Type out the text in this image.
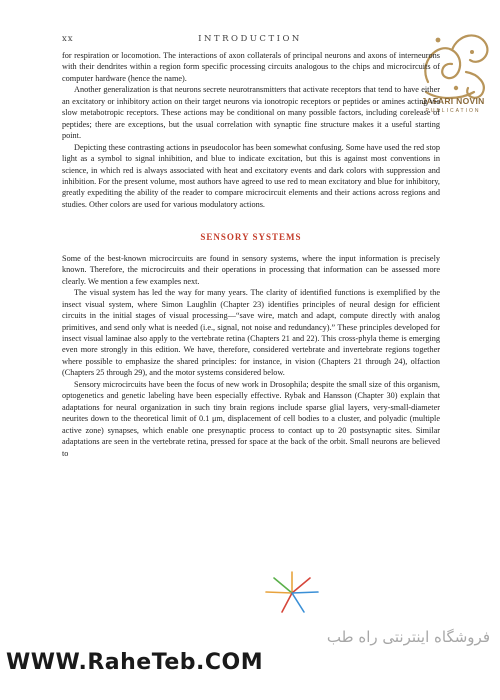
xx	INTRODUCTION
JAFARI NOVIN
PUBLICATION

for respiration or locomotion. The interactions of axon collaterals of principal neurons and axons of interneurons with their dendrites within a region form specific processing circuits analogous to the chips and microcircuits of computer hardware (hence the name).

Another generalization is that neurons secrete neurotransmitters that activate receptors that tend to have either an excitatory or inhibitory action on their target neurons via ionotropic receptors or peptides or amines acting via slow metabotropic receptors. These actions may be conditional on many possible factors, including corelease of peptides; there are exceptions, but the usual correlation with synaptic fine structure makes it a useful starting point.

Depicting these contrasting actions in pseudocolor has been somewhat confusing. Some have used the red stop light as a symbol to signal inhibition, and blue to indicate excitation, but this is against most conventions in science, in which red is always associated with heat and excitatory events and dark colors with suppression and inhibition. For the present volume, most authors have agreed to use red to mean excitatory and blue for inhibitory, greatly expediting the ability of the reader to compare microcircuit elements and their actions across regions and studies. Other colors are used for various modulatory actions.

SENSORY SYSTEMS

Some of the best-known microcircuits are found in sensory systems, where the input information is precisely known. Therefore, the microcircuits and their operations in processing that information can be assessed more clearly. We mention a few examples next.

The visual system has led the way for many years. The clarity of identified functions is exemplified by the insect visual system, where Simon Laughlin (Chapter 23) identifies principles of neural design for efficient circuits in the initial stages of visual processing—“save wire, match and adapt, compute directly with analog primitives, and send only what is needed (i.e., signal, not noise and redundancy).” These principles developed for insect visual laminae also apply to the vertebrate retina (Chapters 21 and 22). This cross-phyla theme is emerging even more strongly in this edition. We have, therefore, considered vertebrate and invertebrate regions together where possible to emphasize the shared principles: for instance, in vision (Chapters 21 through 24), olfaction (Chapters 25 through 29), and the motor systems considered below.

Sensory microcircuits have been the focus of new work in Drosophila; despite the small size of this organism, optogenetics and genetic labeling have been especially effective. Rybak and Hansson (Chapter 30) explain that adaptations for neural organization in such tiny brain regions include sparse glial layers, very-small-diameter neurites down to the theoretical limit of 0.1 μm, displacement of cell bodies to a cluster, and polyadic (multiple active zone) synapses, which enable one presynaptic process to contact up to 20 postsynaptic sites. Similar adaptations are seen in the vertebrate retina, pressed for space at the back of the orbit. Small neurons are believed to

فروشگاه اینترنتی راه طب
WWW.RaheTeb.COM
